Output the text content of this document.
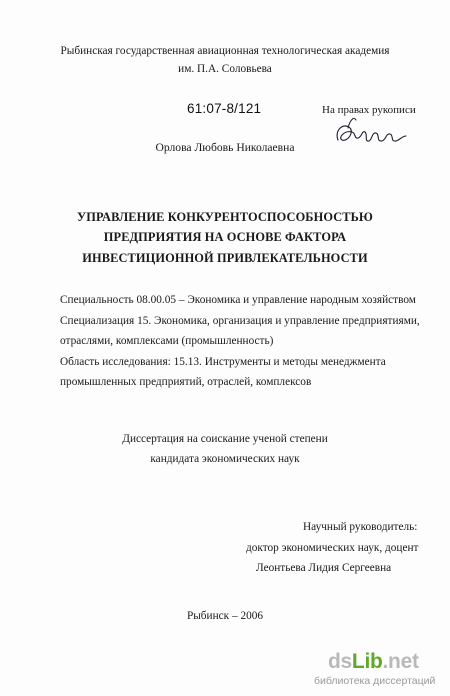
Рыбинская государственная авиационная технологическая академия
им. П.А. Соловьева
61:07-8/121	На правах рукописи
Орлова Любовь Николаевна
УПРАВЛЕНИЕ КОНКУРЕНТОСПОСОБНОСТЬЮ
ПРЕДПРИЯТИЯ НА ОСНОВЕ ФАКТОРА
ИНВЕСТИЦИОННОЙ ПРИВЛЕКАТЕЛЬНОСТИ
Специальность 08.00.05 – Экономика и управление народным хозяйством
Специализация 15. Экономика, организация и управление предприятиями,
отраслями, комплексами (промышленность)
Область исследования: 15.13. Инструменты и методы менеджмента
промышленных предприятий, отраслей, комплексов
Диссертация на соискание ученой степени
кандидата экономических наук
Научный руководитель:
доктор экономических наук, доцент
Леонтьева Лидия Сергеевна
Рыбинск – 2006
dsLib.net
библиотека диссертаций
